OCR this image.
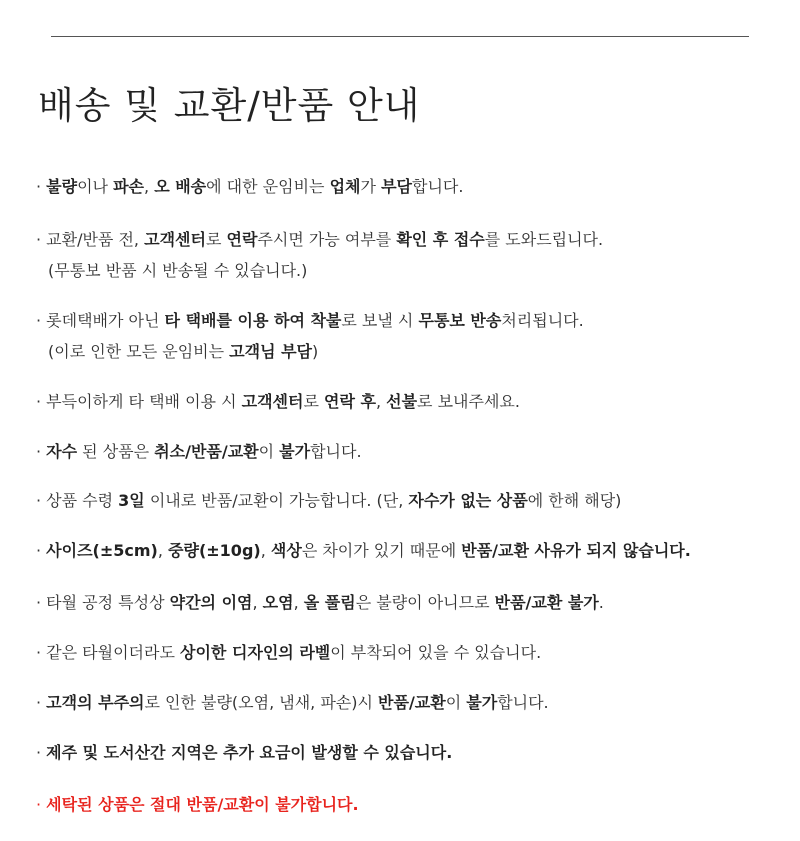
배송 및 교환/반품 안내
· 불량이나 파손, 오 배송에 대한 운임비는 업체가 부담합니다.
· 교환/반품 전, 고객센터로 연락주시면 가능 여부를 확인 후 접수를 도와드립니다.
(무통보 반품 시 반송될 수 있습니다.)
· 롯데택배가 아닌 타 택배를 이용 하여 착불로 보낼 시 무통보 반송처리됩니다.
(이로 인한 모든 운임비는 고객님 부담)
· 부득이하게 타 택배 이용 시 고객센터로 연락 후, 선불로 보내주세요.
· 자수 된 상품은 취소/반품/교환이 불가합니다.
· 상품 수령 3일 이내로 반품/교환이 가능합니다. (단, 자수가 없는 상품에 한해 해당)
· 사이즈(±5cm), 중량(±10g), 색상은 차이가 있기 때문에 반품/교환 사유가 되지 않습니다.
· 타월 공정 특성상 약간의 이염, 오염, 올 풀림은 불량이 아니므로 반품/교환 불가.
· 같은 타월이더라도 상이한 디자인의 라벨이 부착되어 있을 수 있습니다.
· 고객의 부주의로 인한 불량(오염, 냄새, 파손)시 반품/교환이 불가합니다.
· 제주 및 도서산간 지역은 추가 요금이 발생할 수 있습니다.
· 세탁된 상품은 절대 반품/교환이 불가합니다.
